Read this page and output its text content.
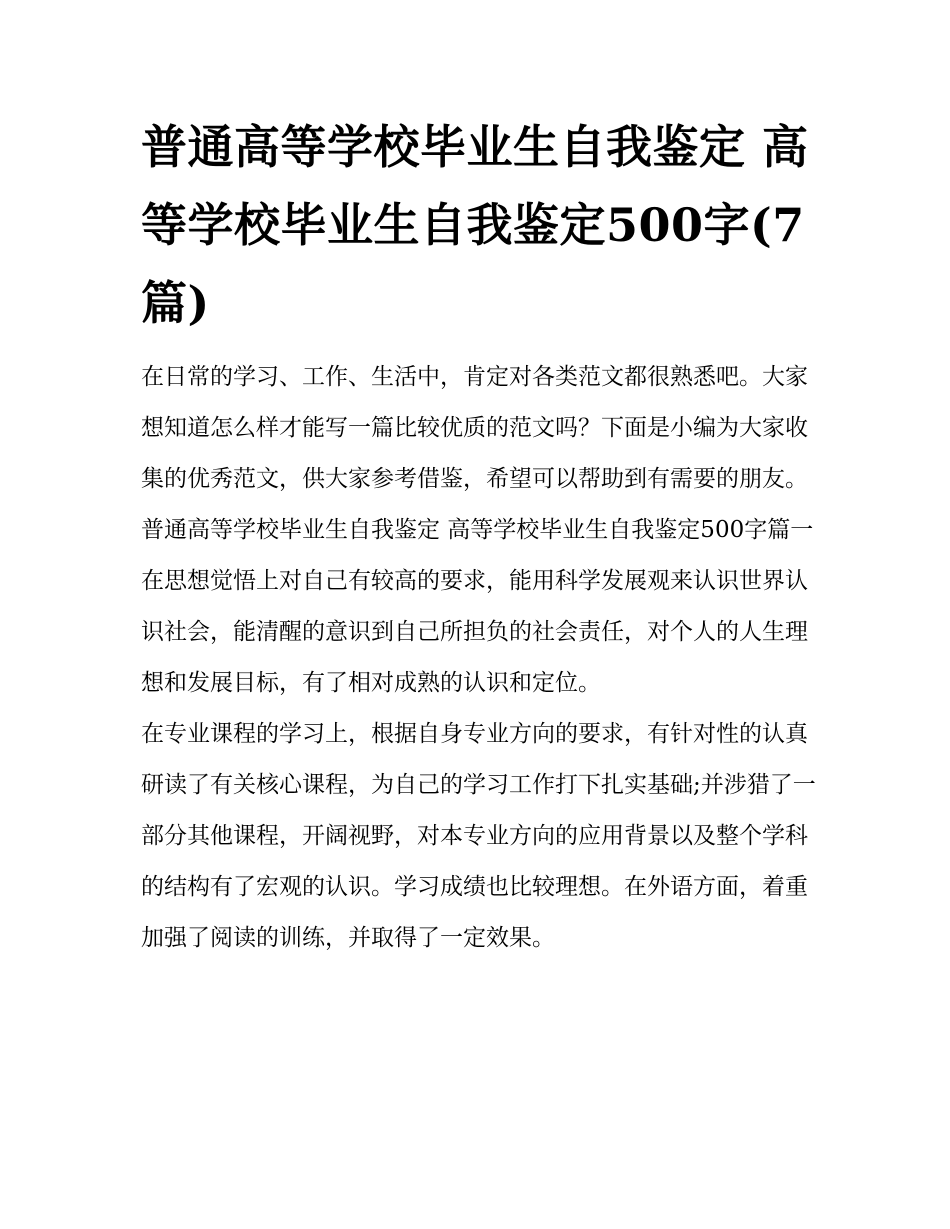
普通高等学校毕业生自我鉴定 高等学校毕业生自我鉴定500字(7篇)

在日常的学习、工作、生活中，肯定对各类范文都很熟悉吧。大家想知道怎么样才能写一篇比较优质的范文吗？下面是小编为大家收集的优秀范文，供大家参考借鉴，希望可以帮助到有需要的朋友。

普通高等学校毕业生自我鉴定 高等学校毕业生自我鉴定500字篇一

在思想觉悟上对自己有较高的要求，能用科学发展观来认识世界认识社会，能清醒的意识到自己所担负的社会责任，对个人的人生理想和发展目标，有了相对成熟的认识和定位。

在专业课程的学习上，根据自身专业方向的要求，有针对性的认真研读了有关核心课程，为自己的学习工作打下扎实基础;并涉猎了一部分其他课程，开阔视野，对本专业方向的应用背景以及整个学科的结构有了宏观的认识。学习成绩也比较理想。在外语方面，着重加强了阅读的训练，并取得了一定效果。
